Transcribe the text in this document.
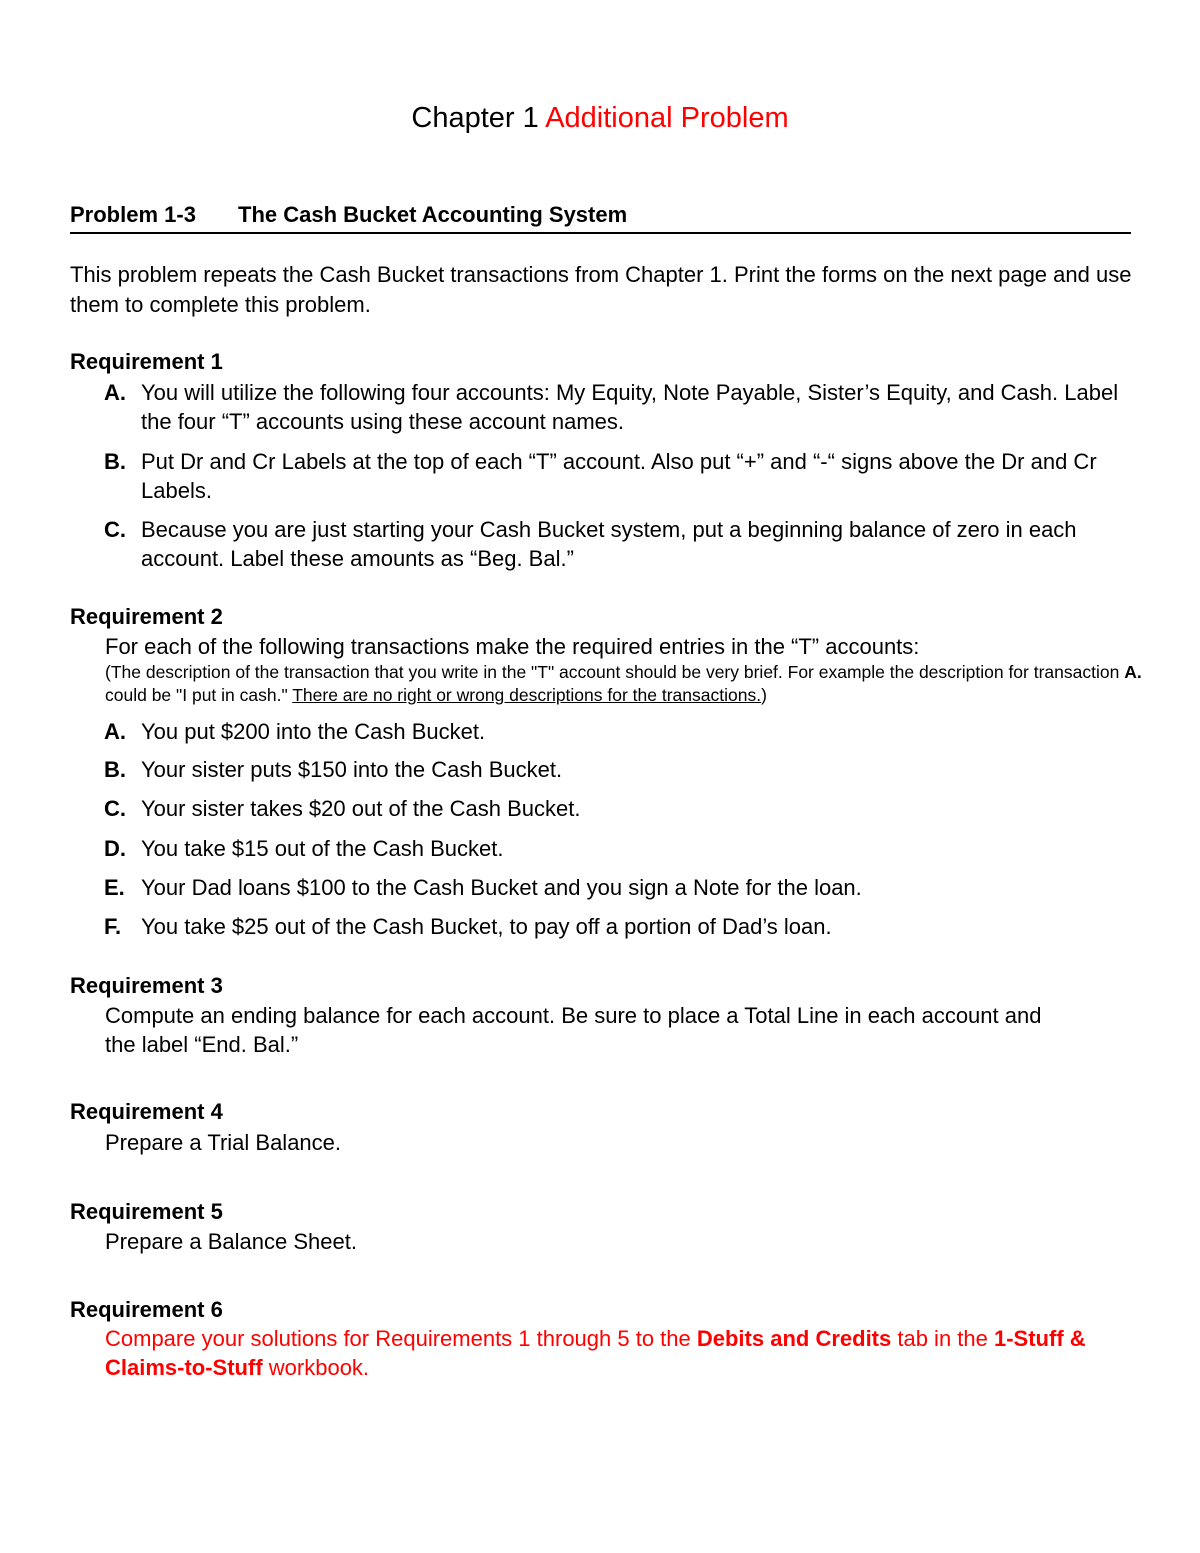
Chapter 1 Additional Problem
Problem 1-3 The Cash Bucket Accounting System

This problem repeats the Cash Bucket transactions from Chapter 1. Print the forms on the next page and use them to complete this problem.

Requirement 1

A. You will utilize the following four accounts: My Equity, Note Payable, Sister’s Equity, and Cash. Label the four “T” accounts using these account names.
B. Put Dr and Cr Labels at the top of each “T” account. Also put “+” and “-“ signs above the Dr and Cr Labels.
C. Because you are just starting your Cash Bucket system, put a beginning balance of zero in each account. Label these amounts as “Beg. Bal.”

Requirement 2

For each of the following transactions make the required entries in the “T” accounts:

(The description of the transaction that you write in the "T" account should be very brief. For example the description for transaction A. could be "I put in cash." There are no right or wrong descriptions for the transactions.)

A. You put $200 into the Cash Bucket.
B. Your sister puts $150 into the Cash Bucket.
C. Your sister takes $20 out of the Cash Bucket.
D. You take $15 out of the Cash Bucket.
E. Your Dad loans $100 to the Cash Bucket and you sign a Note for the loan.
F. You take $25 out of the Cash Bucket, to pay off a portion of Dad’s loan.

Requirement 3

Compute an ending balance for each account. Be sure to place a Total Line in each account and the label “End. Bal.”

Requirement 4

Prepare a Trial Balance.

Requirement 5

Prepare a Balance Sheet.

Requirement 6

Compare your solutions for Requirements 1 through 5 to the Debits and Credits tab in the 1-Stuff & Claims-to-Stuff workbook.
